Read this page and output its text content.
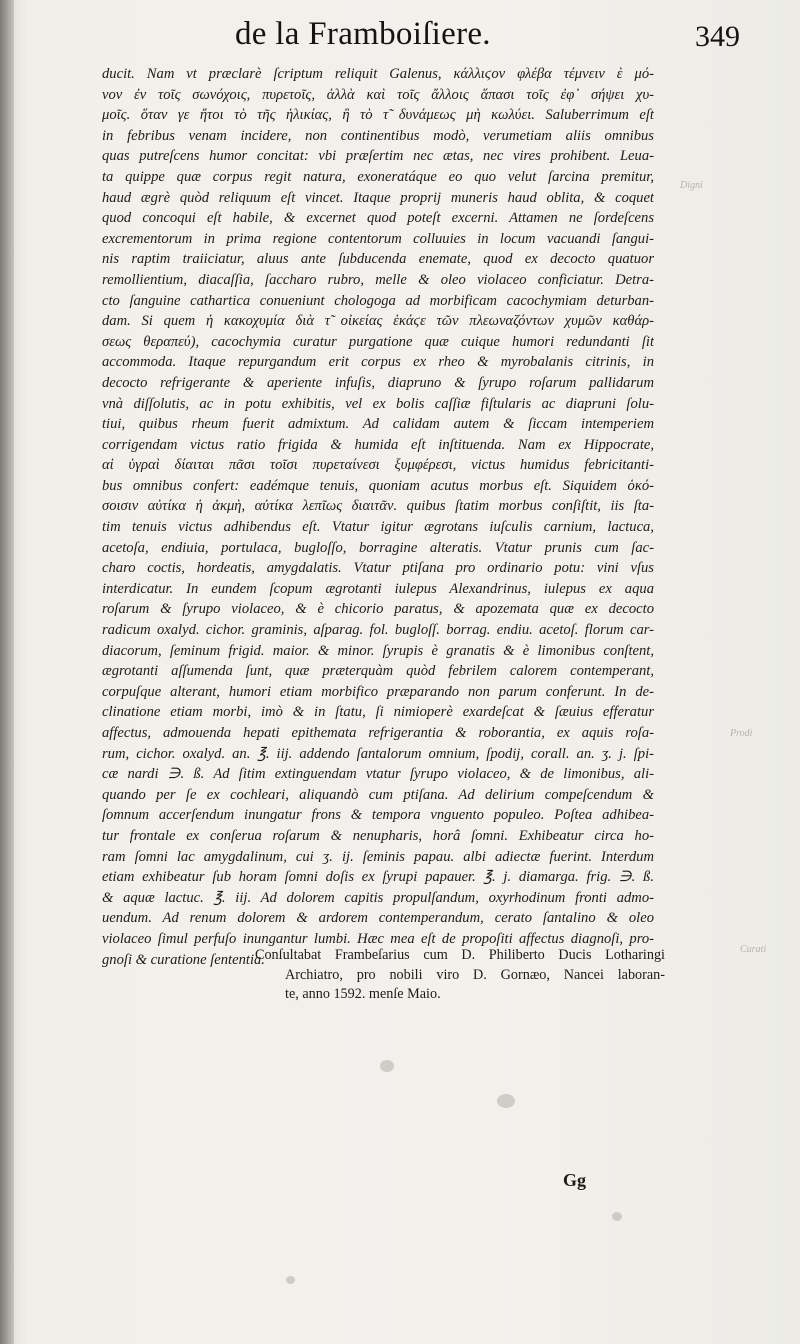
de la Framboiſiere.	349
ducit. Nam vt præclarè ſcriptum reliquit Galenus, κάλλιϛον φλέβα τέμνειν ὲ μό-
νον ἐν τοῖς σωνόχοις, πυρετοῖς, ἀλλὰ καὶ τοῖς ἄλλοις ἅπασι τοῖς ἐφ᾽ σήψει χυ-
μοῖς. ὅταν γε ἤτοι τὸ τῆς ἡλικίας, ἢ τὸ τ̃ δυνάμεως μὴ κωλύει. Saluberrimum eſt
in febribus venam incidere, non continentibus modò, verumetiam aliis omnibus
quas putreſcens humor concitat: vbi præſertim nec ætas, nec vires prohibent. Leua-
ta quippe quæ corpus regit natura, exoneratáque eo quo velut ſarcina premitur,
haud ægrè quòd reliquum eſt vincet. Itaque proprij muneris haud oblita, & coquet
quod concoqui eſt habile, & excernet quod poteſt excerni. Attamen ne ſordeſcens
excrementorum in prima regione contentorum colluuies in locum vacuandi ſangui-
nis raptim traiiciatur, aluus ante ſubducenda enemate, quod ex decocto quatuor
remollientium, diacaſſia, ſaccharo rubro, melle & oleo violaceo conficiatur. Detra-
cto ſanguine cathartica conueniunt chologoga ad morbificam cacochymiam deturban-
dam. Si quem ἡ κακοχυμία διὰ τ̃ οἰκείας ἑκάϛε τῶν πλεωναζόντων χυμῶν καθάρ-
σεως θεραπεύ), cacochymia curatur purgatione quæ cuique humori redundanti ſit
accommoda. Itaque repurgandum erit corpus ex rheo & myrobalanis citrinis, in
decocto refrigerante & aperiente infuſis, diaprunо & ſyrupo roſarum pallidarum
vnà diſſolutis, ac in potu exhibitis, vel ex bolis caſſiæ fiſtularis ac diapruni ſolu-
tiui, quibus rheum fuerit admixtum. Ad calidam autem & ſiccam intemperiem
corrigendam victus ratio frigida & humida eſt inſtituenda. Nam ex Hippocrate,
αἱ ὑγραὶ δίαιται πᾶσι τοῖσι πυρεταίνεσι ξυμφέρεσι, victus humidus febricitanti-
bus omnibus confert: eadémque tenuis, quoniam acutus morbus eſt. Siquidem ὁκό-
σοισιν αὐτίκα ἡ ἀκμὴ, αὐτίκα λεπῖως διαιτᾶν. quibus ſtatim morbus conſiſtit, iis ſta-
tim tenuis victus adhibendus eſt. Vtatur igitur ægrotans iuſculis carnium, lactuca,
acetoſa, endiuia, portulaca, bugloſſo, borragine alteratis. Vtatur prunis cum ſac-
charo coctis, hordeatis, amygdalatis. Vtatur ptiſana pro ordinario potu: vini vſus
interdicatur. In eundem ſcopum ægrotanti iulepus Alexandrinus, iulepus ex aqua
roſarum & ſyrupo violaceo, & è chicorio paratus, & apozemata quæ ex decocto
radicum oxalyd. cichor. graminis, aſparag. fol. bugloſſ. borrag. endiu. acetoſ. florum car-
diacorum, ſeminum frigid. maior. & minor. ſyrupis è granatis & è limonibus conſtent,
ægrotanti aſſumenda ſunt, quæ præterquàm quòd febrilem calorem contemperant,
corpuſque alterant, humori etiam morbifico præparando non parum conferunt. In de-
clinatione etiam morbi, imò & in ſtatu, ſi nimioperè exardeſcat & ſæuius efferatur
affectus, admouenda hepati epithemata refrigerantia & roborantia, ex aquis roſa-
rum, cichor. oxalyd. an. ℥. iij. addendo ſantalorum omnium, ſpodij, corall. an. ʒ. j. ſpi-
cæ nardi ∋. ß. Ad ſitim extinguendam vtatur ſyrupo violaceo, & de limonibus, ali-
quando per ſe ex cochleari, aliquandò cum ptiſana. Ad delirium compeſcendum &
ſomnum accerſendum inungatur frons & tempora vnguento populeo. Poſtea adhibea-
tur frontale ex conſerua roſarum & nenupharis, horâ ſomni. Exhibeatur circa ho-
ram ſomni lac amygdalinum, cui ʒ. ij. ſeminis papau. albi adiectæ fuerint. Interdum
etiam exhibeatur ſub horam ſomni doſis ex ſyrupi papauer. ℥. j. diamarga. frig. ∋. ß.
& aquæ lactuc. ℥. iij. Ad dolorem capitis propulſandum, oxyrhodinum fronti admo-
uendum. Ad renum dolorem & ardorem contemperandum, cerato ſantalino & oleo
violaceo ſimul perfuſo inungantur lumbi. Hæc mea eſt de propoſiti affectus diagnoſi, pro-
gnoſi & curatione ſententia.
Conſultabat Frambeſarius cum D. Philiberto Ducis Lotharingi
Archiatro, pro nobili viro D. Gornæo, Nancei laboran-
te, anno 1592. menſe Maio.
Gg
Digni
Prodi
Curati
